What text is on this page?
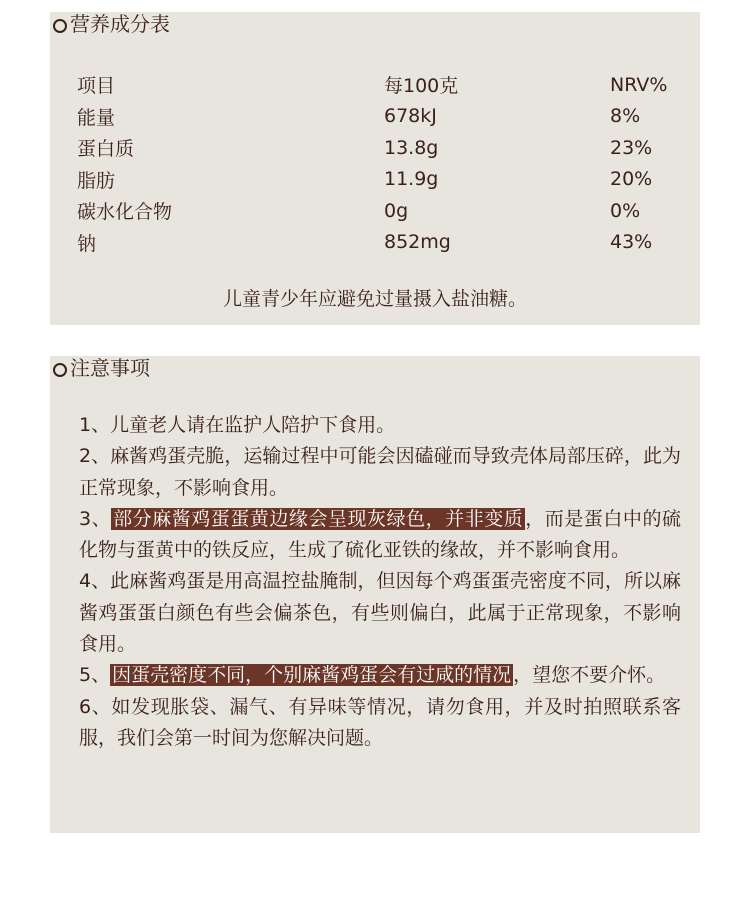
营养成分表
项目	每100克	NRV%
能量	678kJ	8%
蛋白质	13.8g	23%
脂肪	11.9g	20%
碳水化合物	0g	0%
钠	852mg	43%
儿童青少年应避免过量摄入盐油糖。
注意事项

1、儿童老人请在监护人陪护下食用。

2、麻酱鸡蛋壳脆，运输过程中可能会因磕碰而导致壳体局部压碎，此为正常现象，不影响食用。

3、 部分麻酱鸡蛋蛋黄边缘会呈现灰绿色，并非变质 ，而是蛋白中的硫化物与蛋黄中的铁反应，生成了硫化亚铁的缘故，并不影响食用。

4、此麻酱鸡蛋是用高温控盐腌制，但因每个鸡蛋蛋壳密度不同，所以麻酱鸡蛋蛋白颜色有些会偏茶色，有些则偏白，此属于正常现象，不影响食用。

5、 因蛋壳密度不同，个别麻酱鸡蛋会有过咸的情况 ，望您不要介怀。

6、如发现胀袋、漏气、有异味等情况，请勿食用，并及时拍照联系客服，我们会第一时间为您解决问题。
